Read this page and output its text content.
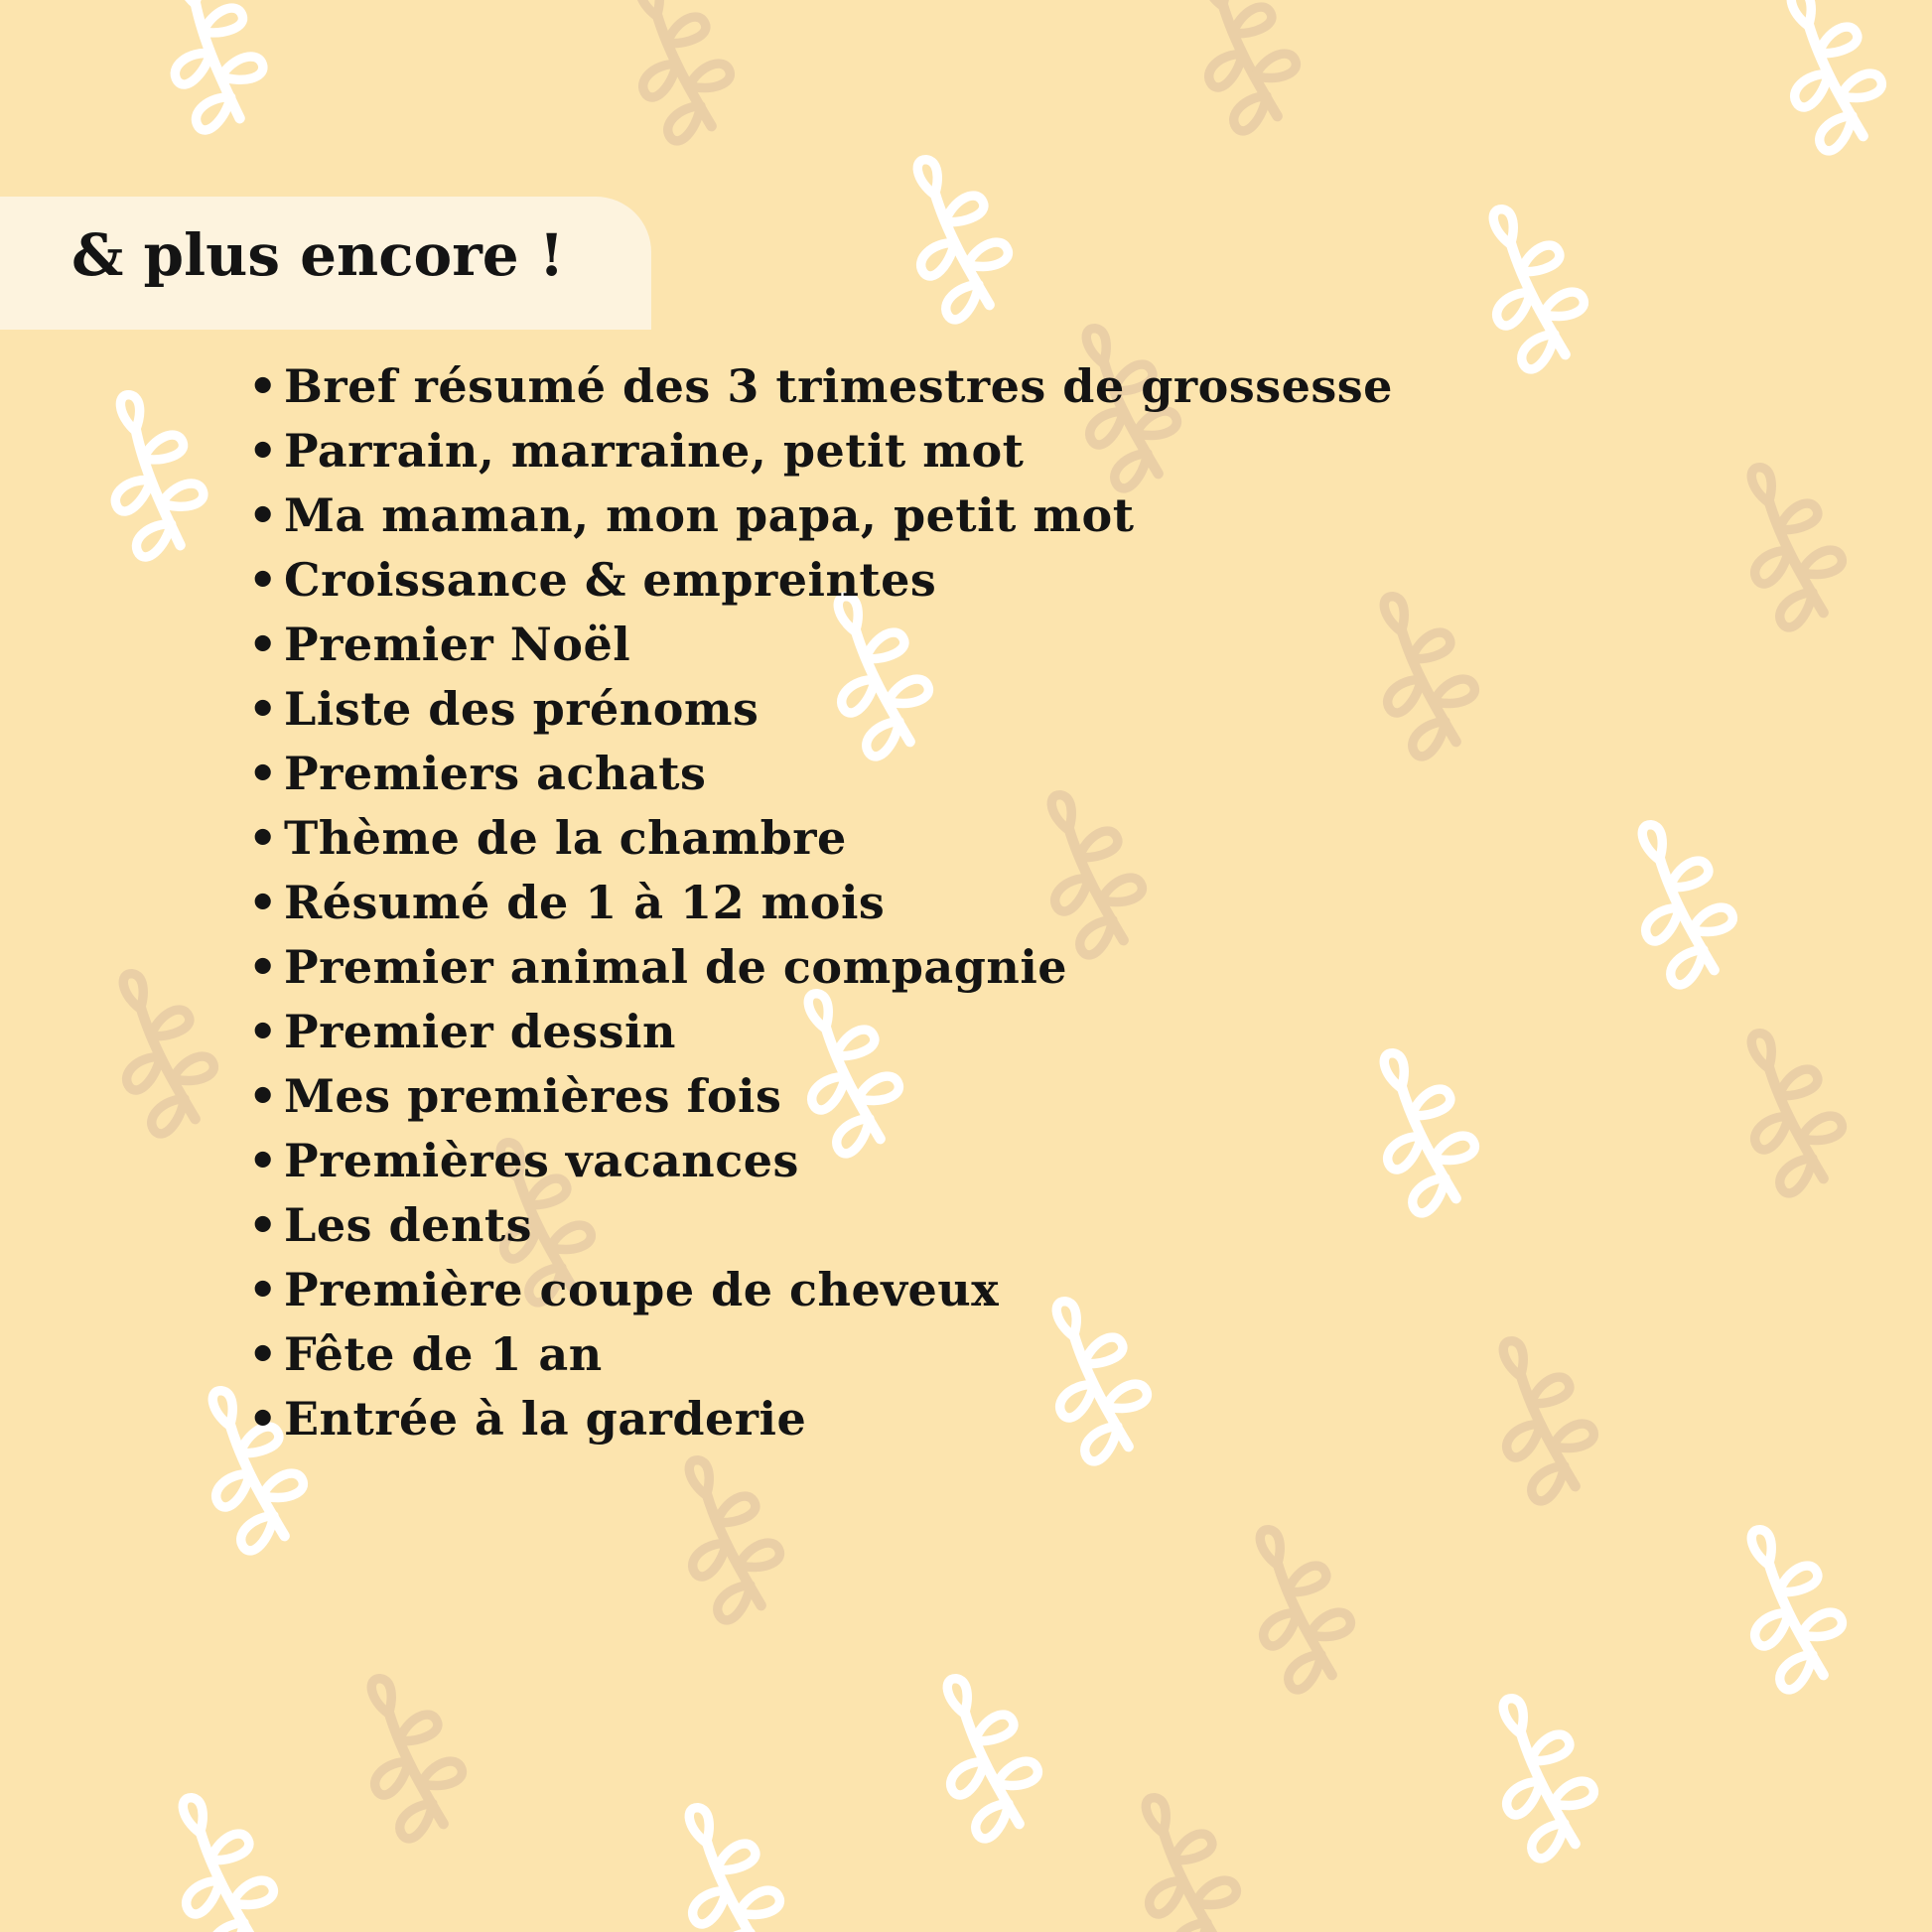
& plus encore !
• Bref résumé des 3 trimestres de grossesse
• Parrain, marraine, petit mot
• Ma maman, mon papa, petit mot
• Croissance & empreintes
• Premier Noël
• Liste des prénoms
• Premiers achats
• Thème de la chambre
• Résumé de 1 à 12 mois
• Premier animal de compagnie
• Premier dessin
• Mes premières fois
• Premières vacances
• Les dents
• Première coupe de cheveux
• Fête de 1 an
• Entrée à la garderie
